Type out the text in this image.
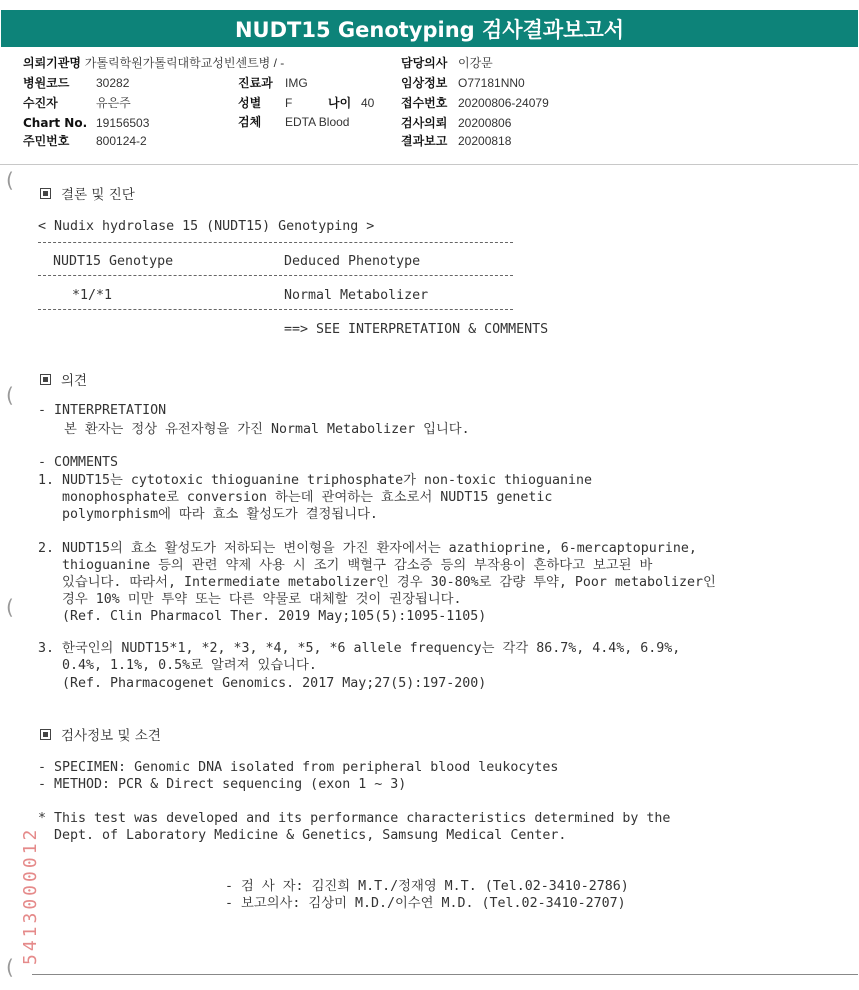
NUDT15 Genotyping 검사결과보고서
의뢰기관명 가톨릭학원가톨릭대학교성빈센트병 / -
병원코드 30282
수진자	유은주
Chart No. 19156503
주민번호 800124-2
진료과 IMG
성별 F	나이 40
검체 EDTA Blood
담당의사 이강문
임상정보 O77181NN0
접수번호 20200806-24079
검사의뢰 20200806
결과보고 20200818
(
(
(
결론 및 진단
< Nudix hydrolase 15 (NUDT15) Genotyping >
NUDT15 Genotype	Deduced Phenotype
*1/*1	Normal Metabolizer
==> SEE INTERPRETATION & COMMENTS
의견
- INTERPRETATION
본 환자는 정상 유전자형을 가진 Normal Metabolizer 입니다.
- COMMENTS
1. NUDT15는 cytotoxic thioguanine triphosphate가 non-toxic thioguanine
monophosphate로 conversion 하는데 관여하는 효소로서 NUDT15 genetic
polymorphism에 따라 효소 활성도가 결정됩니다.
2. NUDT15의 효소 활성도가 저하되는 변이형을 가진 환자에서는 azathioprine, 6-mercaptopurine,
thioguanine 등의 관련 약제 사용 시 조기 백혈구 감소증 등의 부작용이 흔하다고 보고된 바
있습니다. 따라서, Intermediate metabolizer인 경우 30-80%로 감량 투약, Poor metabolizer인
경우 10% 미만 투약 또는 다른 약물로 대체할 것이 권장됩니다.
(Ref. Clin Pharmacol Ther. 2019 May;105(5):1095-1105)
3. 한국인의 NUDT15*1, *2, *3, *4, *5, *6 allele frequency는 각각 86.7%, 4.4%, 6.9%,
0.4%, 1.1%, 0.5%로 알려져 있습니다.
(Ref. Pharmacogenet Genomics. 2017 May;27(5):197-200)
검사정보 및 소견
- SPECIMEN: Genomic DNA isolated from peripheral blood leukocytes
- METHOD: PCR & Direct sequencing (exon 1 ~ 3)
* This test was developed and its performance characteristics determined by the
Dept. of Laboratory Medicine & Genetics, Samsung Medical Center.
- 검 사 자: 김진희 M.T./정재영 M.T. (Tel.02-3410-2786)
- 보고의사: 김상미 M.D./이수연 M.D. (Tel.02-3410-2707)
5413000012
(
